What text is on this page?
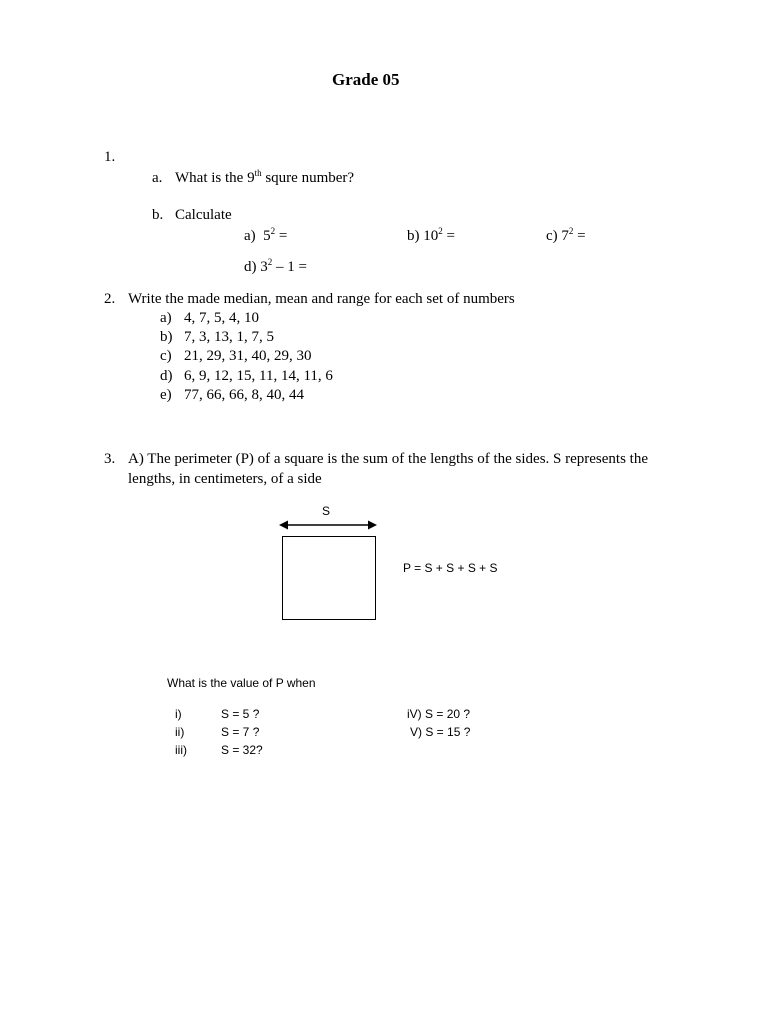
Grade 05
1.
a. What is the 9th squre number?
b. Calculate
a) $5^2$ =	b) $10^2$ =	c) $7^2$ =
d) $3^2 - 1$ =
2. Write the made median, mean and range for each set of numbers
a) 4, 7, 5, 4, 10
b) 7, 3, 13, 1, 7, 5
c) 21, 29, 31, 40, 29, 30
d) 6, 9, 12, 15, 11, 14, 11, 6
e) 77, 66, 66, 8, 40, 44
3. A) The perimeter (P) of a square is the sum of the lengths of the sides. S represents the
lengths, in centimeters, of a side
S
P = S + S + S + S
What is the value of P when
i)	S = 5 ?
ii)	S = 7 ?
iii)	S = 32?
iV) S = 20 ?
V) S = 15 ?
